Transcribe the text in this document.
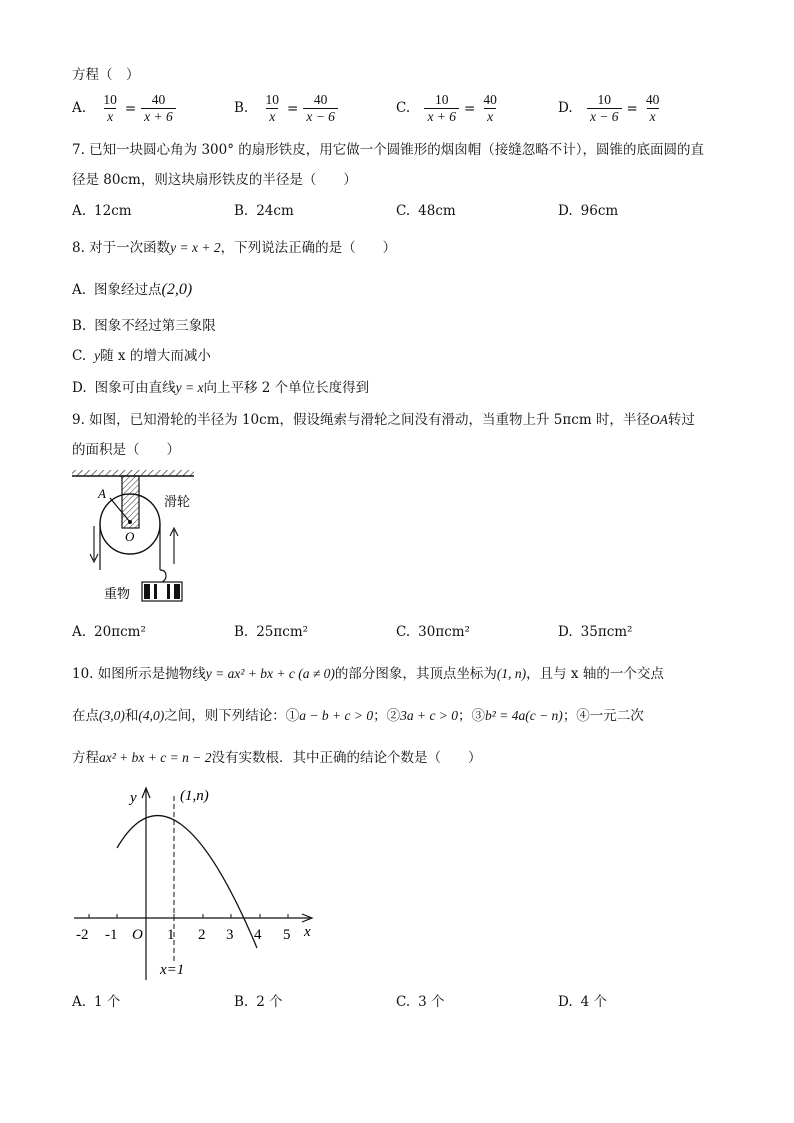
方程（　）
A. $\frac{10}{x} = \frac{40}{x + 6}$	B. $\frac{10}{x} = \frac{40}{x - 6}$	C. $\frac{10}{x + 6} = \frac{40}{x}$	D. $\frac{10}{x - 6} = \frac{40}{x}$
7. 已知一块圆心角为 300° 的扇形铁皮，用它做一个圆锥形的烟囱帽（接缝忽略不计），圆锥的底面圆的直
径是 80cm，则这块扇形铁皮的半径是（　　）
A. 12cm	B. 24cm	C. 48cm	D. 96cm
8. 对于一次函数y = x + 2，下列说法正确的是（　　）
A. 图象经过点(2,0)
B. 图象不经过第三象限
C. y随 x 的增大而减小
D. 图象可由直线y = x向上平移 2 个单位长度得到
9. 如图，已知滑轮的半径为 10cm，假设绳索与滑轮之间没有滑动，当重物上升 5πcm 时，半径OA转过
的面积是（　　）
A
O
滑轮
重物
A. 20πcm²	B. 25πcm²	C. 30πcm²	D. 35πcm²
10. 如图所示是抛物线y = ax² + bx + c (a ≠ 0)的部分图象，其顶点坐标为(1, n)，且与 x 轴的一个交点
在点(3,0)和(4,0)之间，则下列结论：①a − b + c > 0；②3a + c > 0；③b² = 4a(c − n)；④一元二次
方程ax² + bx + c = n − 2没有实数根．其中正确的结论个数是（　　）
y
x
O
(1,n)
x=1
-2 -1	1 2 3 4 5
A. 1 个	B. 2 个	C. 3 个	D. 4 个
